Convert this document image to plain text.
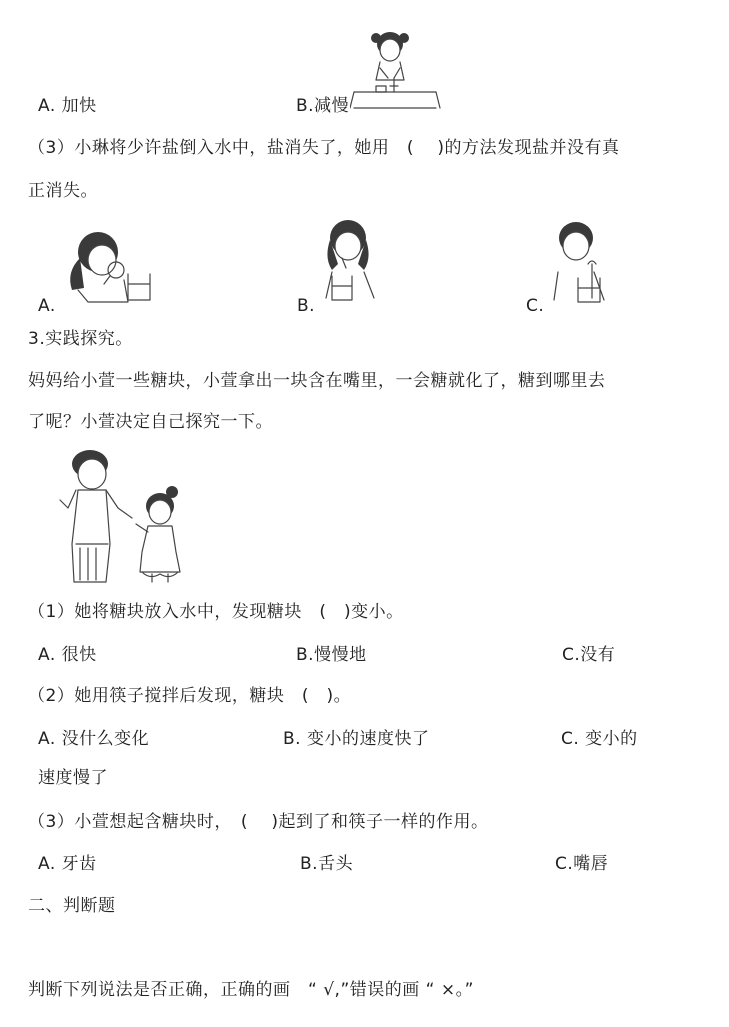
A. 加快	B.减慢
（3）小琳将少许盐倒入水中，盐消失了，她用　(　 )的方法发现盐并没有真
正消失。
A.	B.	C.
3.实践探究。
妈妈给小萱一些糖块，小萱拿出一块含在嘴里，一会糖就化了，糖到哪里去
了呢？小萱决定自己探究一下。
（1）她将糖块放入水中，发现糖块　(　)变小。
A. 很快	B.慢慢地	C.没有
（2）她用筷子搅拌后发现，糖块　(　)。
A. 没什么变化	B. 变小的速度快了	C. 变小的
速度慢了
（3）小萱想起含糖块时，　(　 )起到了和筷子一样的作用。
A. 牙齿	B.舌头	C.嘴唇
二、判断题
判断下列说法是否正确，正确的画　“ √,”错误的画 “ ×。”
